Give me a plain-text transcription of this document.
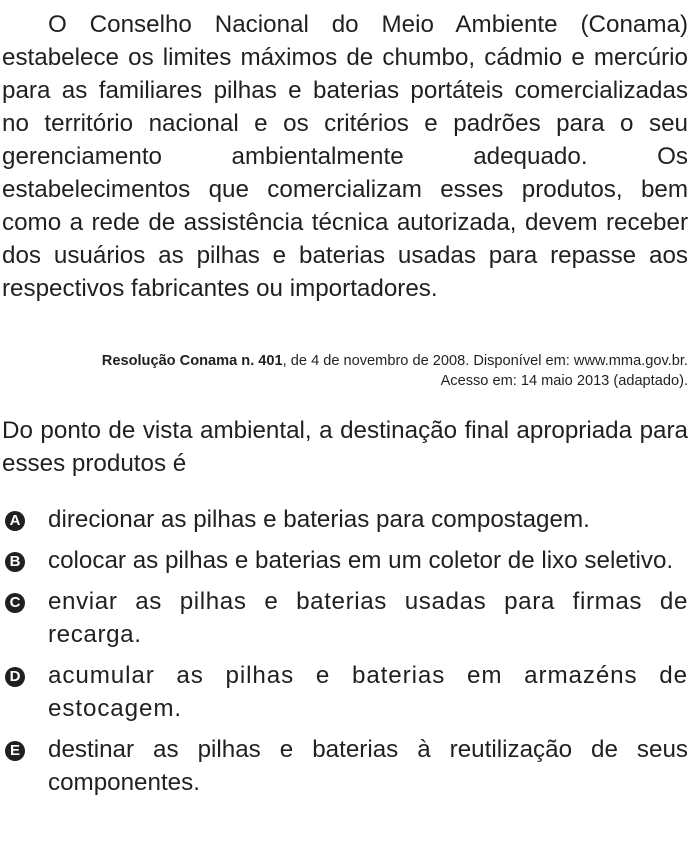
O Conselho Nacional do Meio Ambiente (Conama) estabelece os limites máximos de chumbo, cádmio e mercúrio para as familiares pilhas e baterias portáteis comercializadas no território nacional e os critérios e padrões para o seu gerenciamento ambientalmente adequado. Os estabelecimentos que comercializam esses produtos, bem como a rede de assistência técnica autorizada, devem receber dos usuários as pilhas e baterias usadas para repasse aos respectivos fabricantes ou importadores.

Resolução Conama n. 401, de 4 de novembro de 2008. Disponível em: www.mma.gov.br.
Acesso em: 14 maio 2013 (adaptado).

Do ponto de vista ambiental, a destinação final apropriada para esses produtos é

A direcionar as pilhas e baterias para compostagem.
B colocar as pilhas e baterias em um coletor de lixo seletivo.
C enviar as pilhas e baterias usadas para firmas de recarga.
D acumular as pilhas e baterias em armazéns de estocagem.
E destinar as pilhas e baterias à reutilização de seus componentes.
